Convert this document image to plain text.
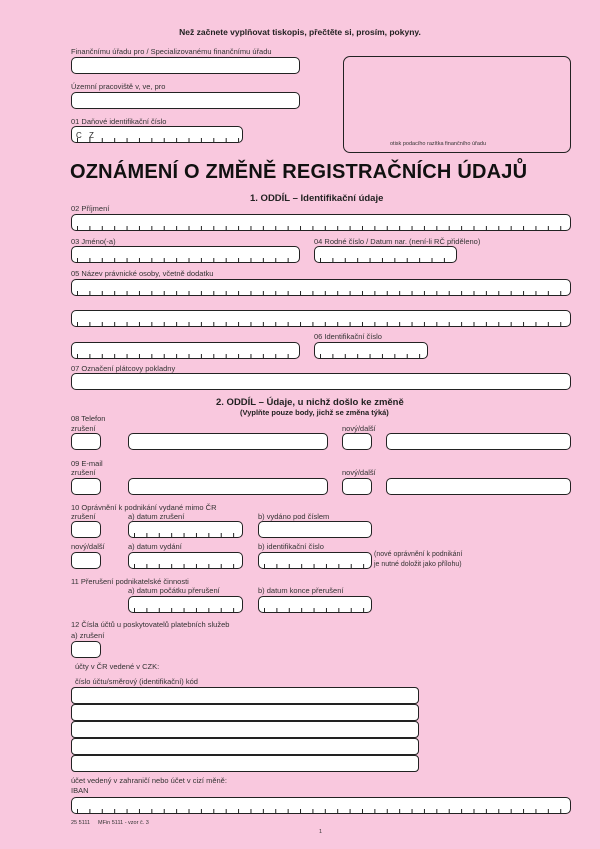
Než začnete vyplňovat tiskopis, přečtěte si, prosím, pokyny.
Finančnímu úřadu pro / Specializovanému finančnímu úřadu
Územní pracoviště v, ve, pro
01 Daňové identifikační číslo
C Z
otisk podacího razítka finančního úřadu
OZNÁMENÍ O ZMĚNĚ REGISTRAČNÍCH ÚDAJŮ
1. ODDÍL – Identifikační údaje
02 Příjmení
03 Jméno(-a)	04 Rodné číslo / Datum nar. (není-li RČ přiděleno)
05 Název právnické osoby, včetně dodatku
06 Identifikační číslo
07 Označení plátcovy pokladny
2. ODDÍL – Údaje, u nichž došlo ke změně
(Vyplňte pouze body, jichž se změna týká)
08 Telefon
zrušení	nový/další
09 E-mail
zrušení	nový/další
10 Oprávnění k podnikání vydané mimo ČR
zrušení	a) datum zrušení	b) vydáno pod číslem
nový/další	a) datum vydání	b) identifikační číslo
(nové oprávnění k podnikání
je nutné doložit jako přílohu)
11 Přerušení podnikatelské činnosti
a) datum počátku přerušení	b) datum konce přerušení
12 Čísla účtů u poskytovatelů platebních služeb
a) zrušení
účty v ČR vedené v CZK:
číslo účtu/směrový (identifikační) kód
účet vedený v zahraničí nebo účet v cizí měně:
IBAN
25 5111 MFin 5111 - vzor č. 3
1
